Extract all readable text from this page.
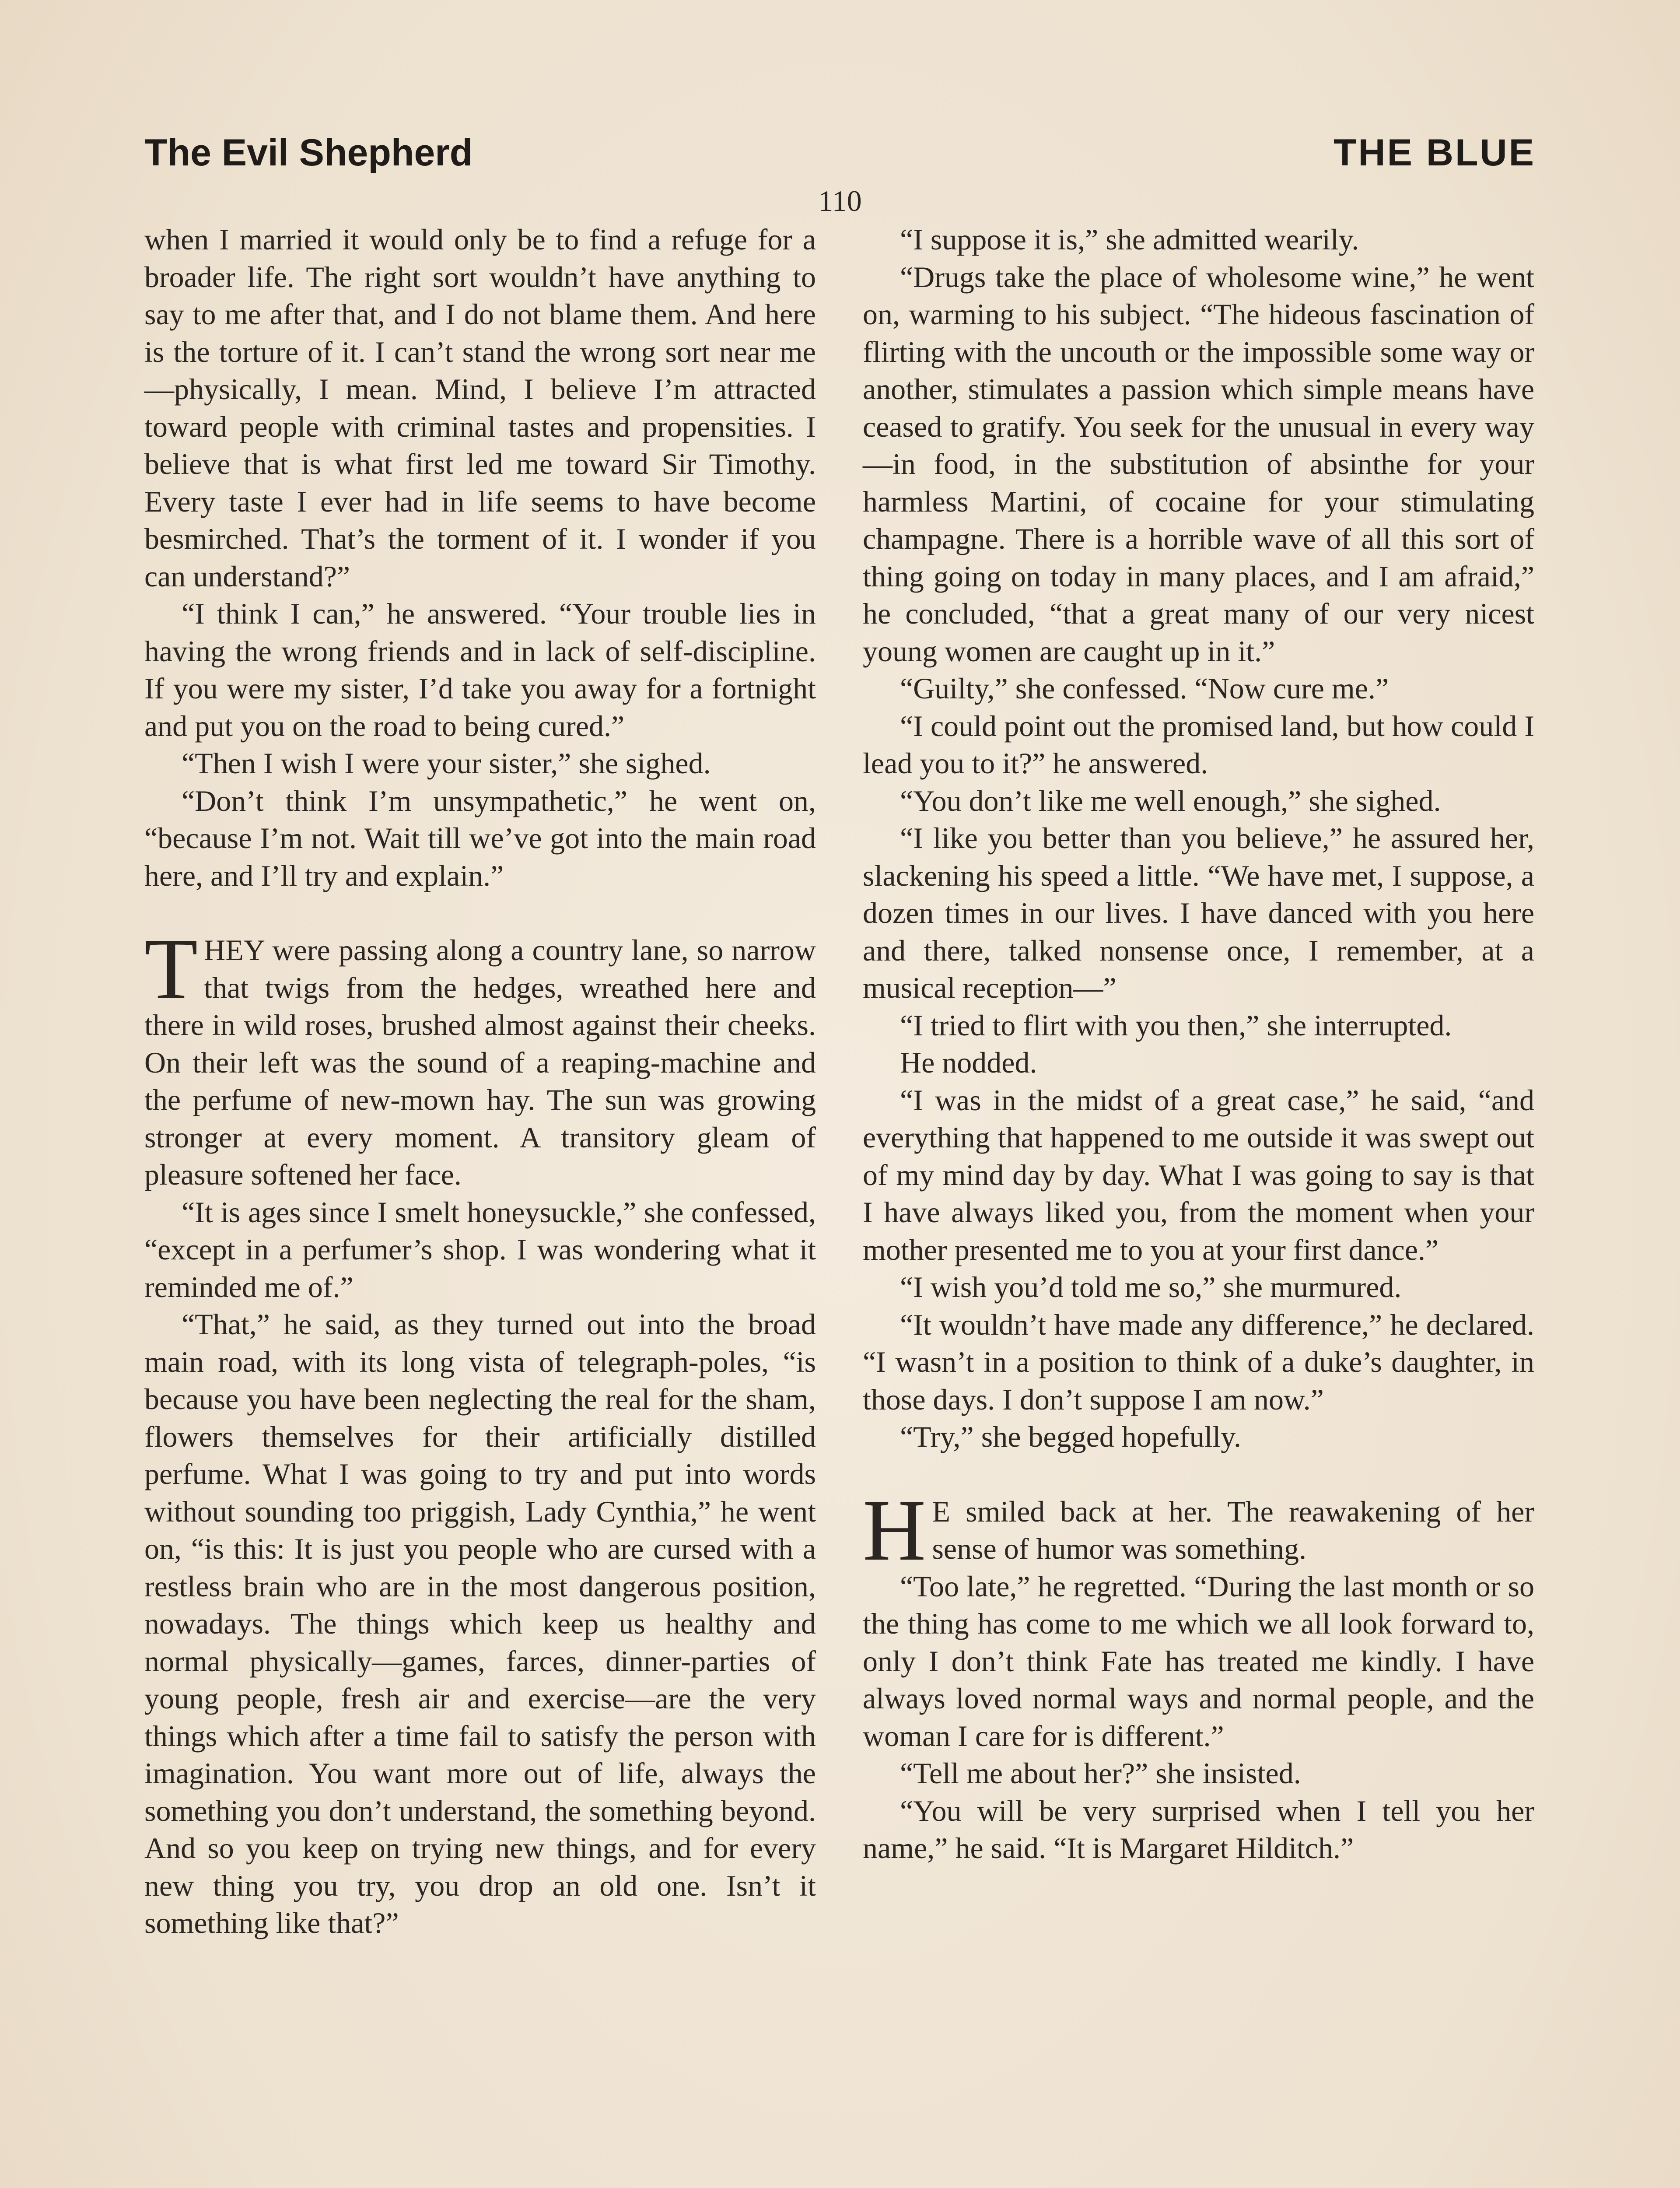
The Evil Shepherd	THE BLUE
110

when I married it would only be to find a refuge for a broader life. The right sort wouldn’t have anything to say to me after that, and I do not blame them. And here is the torture of it. I can’t stand the wrong sort near me—physically, I mean. Mind, I believe I’m attracted toward people with criminal tastes and propensities. I believe that is what first led me toward Sir Timothy. Every taste I ever had in life seems to have become besmirched. That’s the torment of it. I wonder if you can understand?”

“I think I can,” he answered. “Your trouble lies in having the wrong friends and in lack of self-discipline. If you were my sister, I’d take you away for a fortnight and put you on the road to being cured.”

“Then I wish I were your sister,” she sighed.

“Don’t think I’m unsympathetic,” he went on, “because I’m not. Wait till we’ve got into the main road here, and I’ll try and explain.”

THEY were passing along a country lane, so narrow that twigs from the hedges, wreathed here and there in wild roses, brushed almost against their cheeks. On their left was the sound of a reaping-machine and the perfume of new-mown hay. The sun was growing stronger at every moment. A transitory gleam of pleasure softened her face.

“It is ages since I smelt honeysuckle,” she confessed, “except in a perfumer’s shop. I was wondering what it reminded me of.”

“That,” he said, as they turned out into the broad main road, with its long vista of telegraph-poles, “is because you have been neglecting the real for the sham, flowers themselves for their artificially distilled perfume. What I was going to try and put into words without sounding too priggish, Lady Cynthia,” he went on, “is this: It is just you people who are cursed with a restless brain who are in the most dangerous position, nowadays. The things which keep us healthy and normal physically—games, farces, dinner-parties of young people, fresh air and exercise—are the very things which after a time fail to satisfy the person with imagination. You want more out of life, always the something you don’t understand, the something beyond. And so you keep on trying new things, and for every new thing you try, you drop an old one. Isn’t it something like that?”

“I suppose it is,” she admitted wearily.

“Drugs take the place of wholesome wine,” he went on, warming to his subject. “The hideous fascination of flirting with the uncouth or the impossible some way or another, stimulates a passion which simple means have ceased to gratify. You seek for the unusual in every way—in food, in the substitution of absinthe for your harmless Martini, of cocaine for your stimulating champagne. There is a horrible wave of all this sort of thing going on today in many places, and I am afraid,” he concluded, “that a great many of our very nicest young women are caught up in it.”

“Guilty,” she confessed. “Now cure me.”

“I could point out the promised land, but how could I lead you to it?” he answered.

“You don’t like me well enough,” she sighed.

“I like you better than you believe,” he assured her, slackening his speed a little. “We have met, I suppose, a dozen times in our lives. I have danced with you here and there, talked nonsense once, I remember, at a musical reception—”

“I tried to flirt with you then,” she interrupted.

He nodded.

“I was in the midst of a great case,” he said, “and everything that happened to me outside it was swept out of my mind day by day. What I was going to say is that I have always liked you, from the moment when your mother presented me to you at your first dance.”

“I wish you’d told me so,” she murmured.

“It wouldn’t have made any difference,” he declared. “I wasn’t in a position to think of a duke’s daughter, in those days. I don’t suppose I am now.”

“Try,” she begged hopefully.

HE smiled back at her. The reawakening of her sense of humor was something.

“Too late,” he regretted. “During the last month or so the thing has come to me which we all look forward to, only I don’t think Fate has treated me kindly. I have always loved normal ways and normal people, and the woman I care for is different.”

“Tell me about her?” she insisted.

“You will be very surprised when I tell you her name,” he said. “It is Margaret Hilditch.”
